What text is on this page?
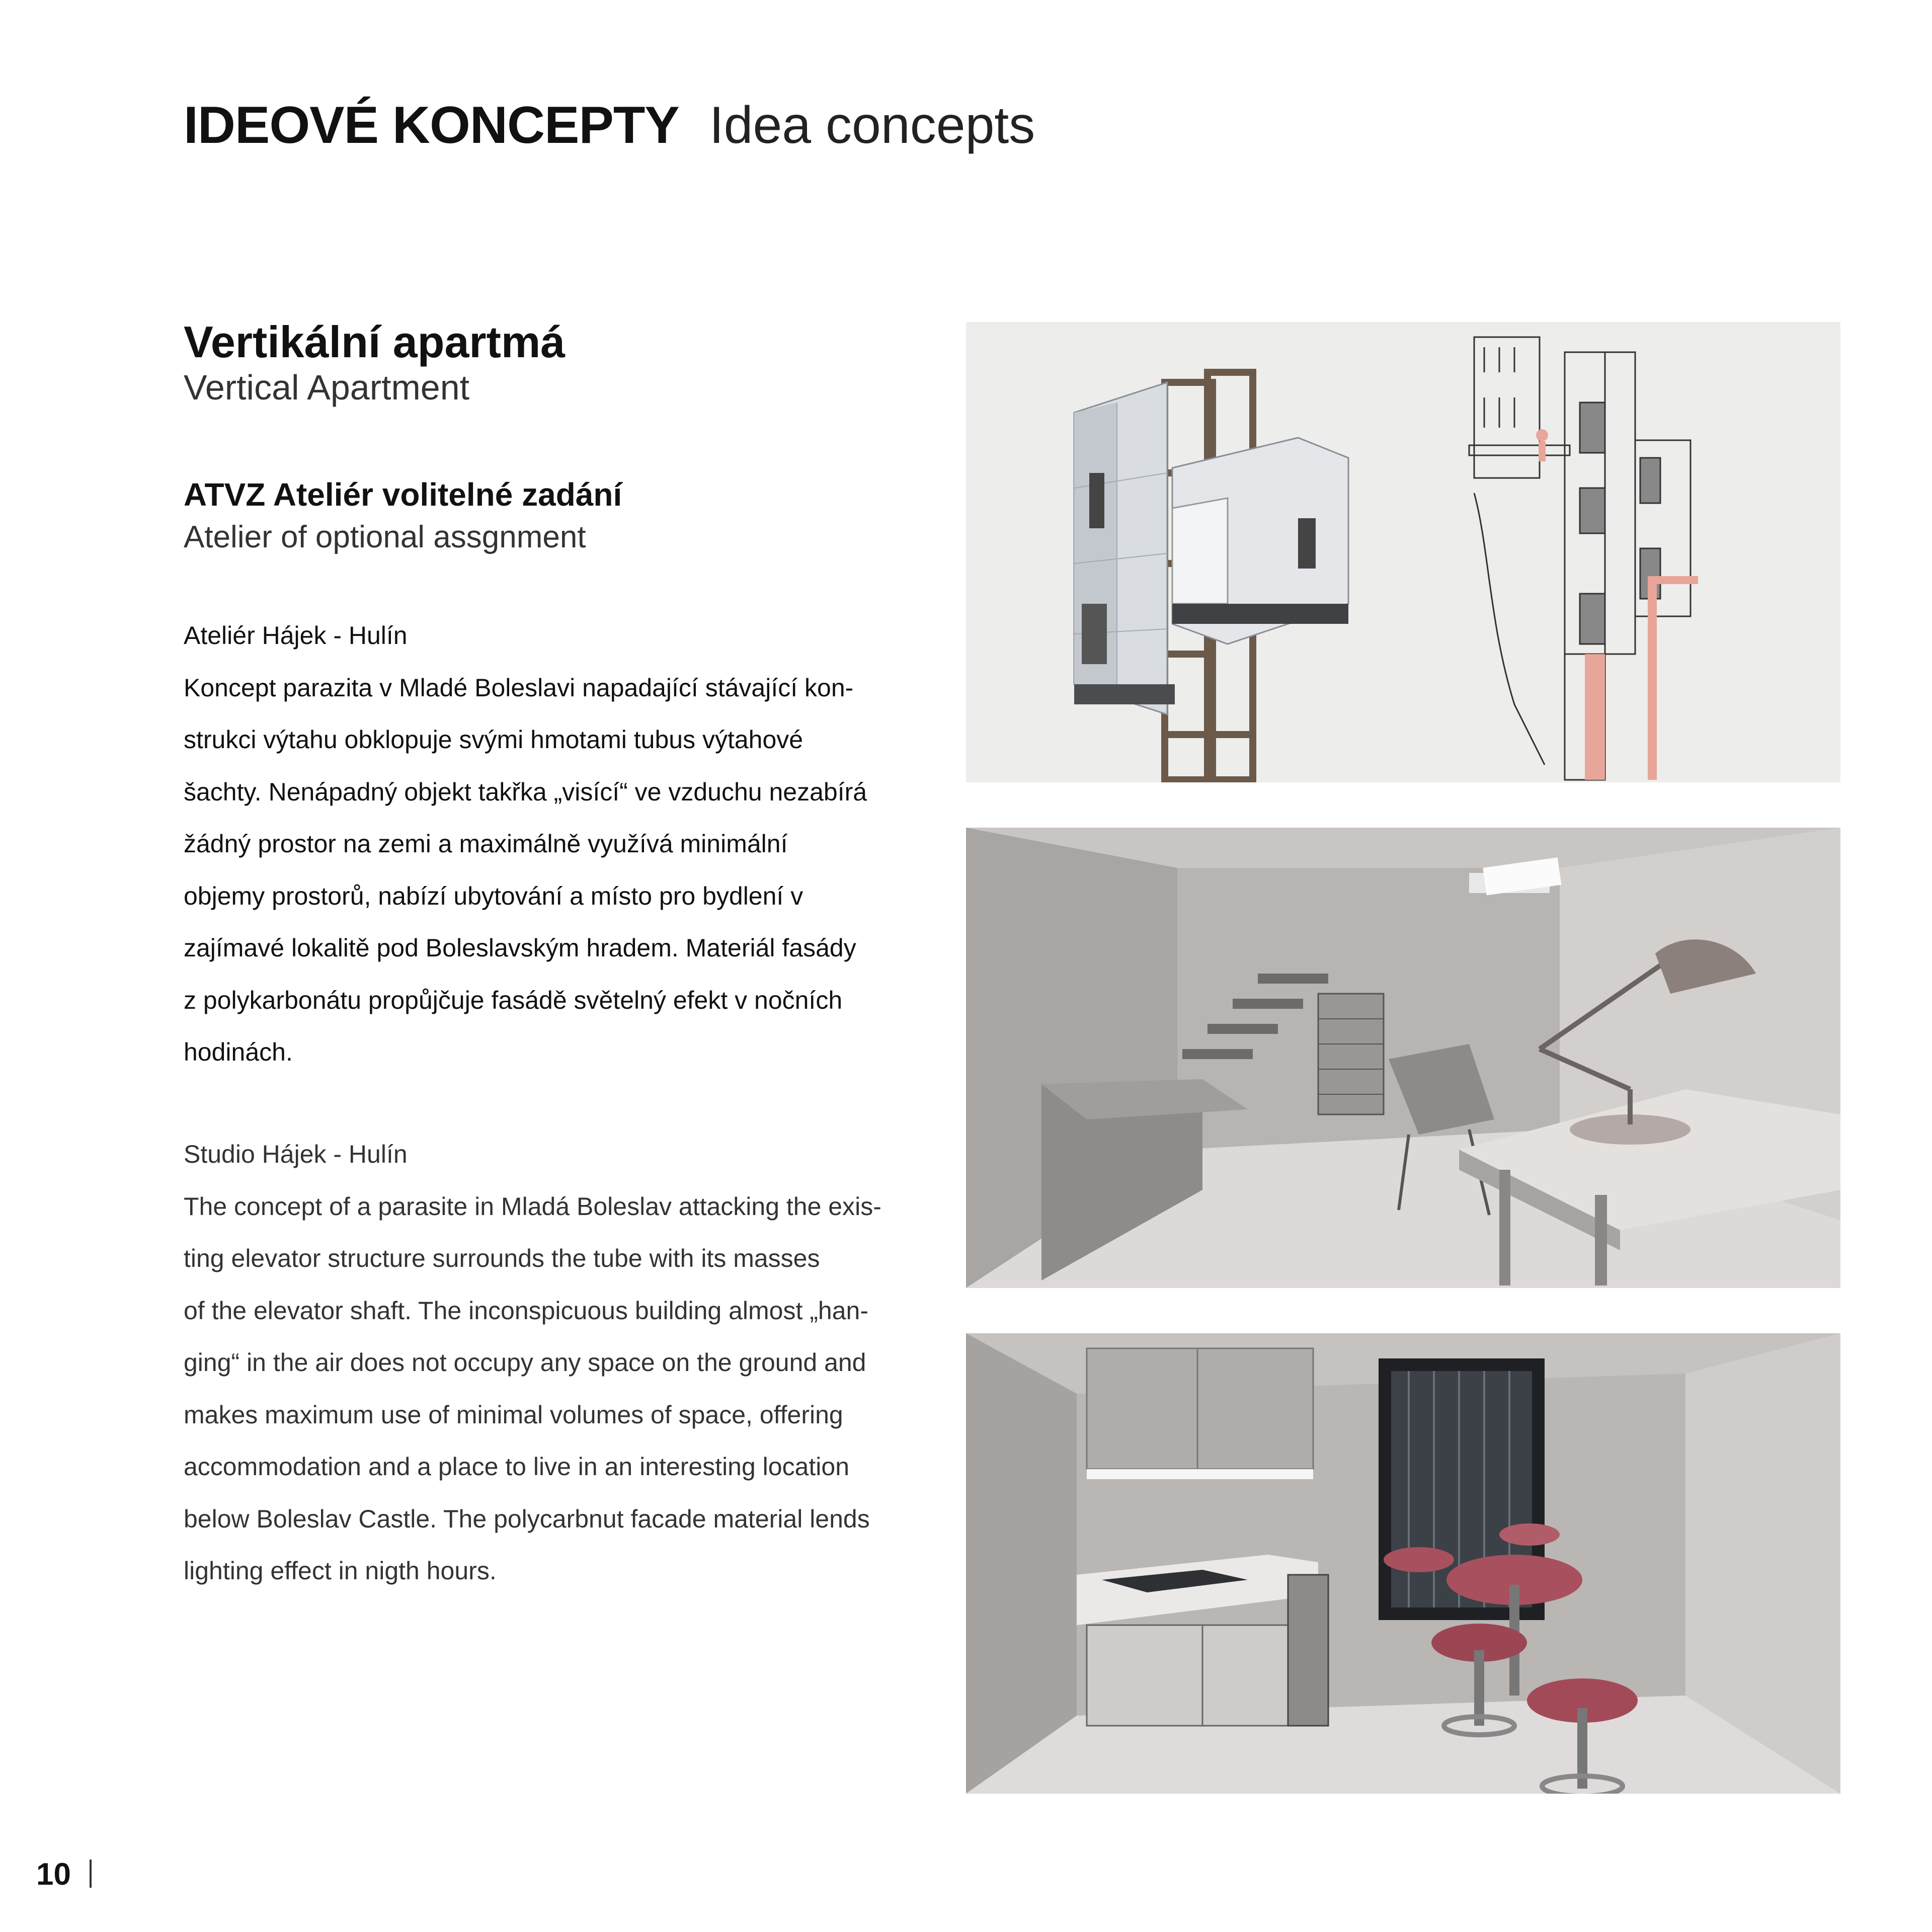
IDEOVÉ KONCEPTY Idea concepts
Vertikální apartmá
Vertical Apartment
ATVZ Ateliér volitelné zadání
Atelier of optional assgnment
Ateliér Hájek - Hulín
Koncept parazita v Mladé Boleslavi napadající stávající kon-
strukci výtahu obklopuje svými hmotami tubus výtahové
šachty. Nenápadný objekt takřka „visící“ ve vzduchu nezabírá
žádný prostor na zemi a maximálně využívá minimální
objemy prostorů, nabízí ubytování a místo pro bydlení v
zajímavé lokalitě pod Boleslavským hradem. Materiál fasády
z polykarbonátu propůjčuje fasádě světelný efekt v nočních
hodinách.
Studio Hájek - Hulín
The concept of a parasite in Mladá Boleslav attacking the exis-
ting elevator structure surrounds the tube with its masses
of the elevator shaft. The inconspicuous building almost „han-
ging“ in the air does not occupy any space on the ground and
makes maximum use of minimal volumes of space, offering
accommodation and a place to live in an interesting location
below Boleslav Castle. The polycarbnut facade material lends
lighting effect in nigth hours.
10
